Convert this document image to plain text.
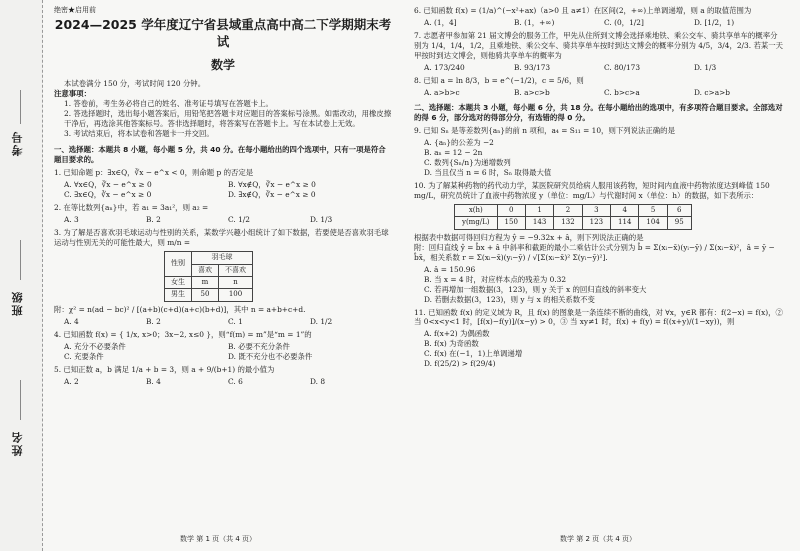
考号
班级
姓名
绝密★启用前
2024—2025 学年度辽宁省县域重点高中高二下学期期末考试
数学

本试卷满分 150 分，考试时间 120 分钟。

注意事项：

1. 答卷前，考生务必将自己的姓名、准考证号填写在答题卡上。

2. 答选择题时，选出每小题答案后，用铅笔把答题卡对应题目的答案标号涂黑。如需改动，用橡皮擦干净后，再选涂其他答案标号。答非选择题时，将答案写在答题卡上。写在本试卷上无效。

3. 考试结束后，将本试卷和答题卡一并交回。

一、选择题：本题共 8 小题，每小题 5 分，共 40 分。在每小题给出的四个选项中，只有一项是符合题目要求的。

1. 已知命题 p：∃x∈Q，∛x − e^x < 0，则命题 p 的否定是

A. ∀x∈Q，∛x − e^x ≥ 0	B. ∀x∉Q，∛x − e^x ≥ 0
C. ∃x∈Q，∛x − e^x ≥ 0	D. ∃x∉Q，∛x − e^x ≥ 0

2. 在等比数列{aₙ}中，若 a₁ = 3a₁²，则 a₂ =

A. 3	B. 2	C. 1/2	D. 1/3

3. 为了解是否喜欢羽毛球运动与性别的关系，某数学兴趣小组统计了如下数据，若要使是否喜欢羽毛球运动与性别无关的可能性最大，则 m/n =

性别	羽毛球	
	喜欢	不喜欢
女生	m	n
男生	50	100

附：χ² = n(ad − bc)² / [(a+b)(c+d)(a+c)(b+d)]，其中 n = a+b+c+d.

A. 4	B. 2	C. 1	D. 1/2

4. 已知函数 f(x) = { 1/x, x>0；3x−2, x≤0 }，则“f(m) = m”是“m = 1”的

A. 充分不必要条件	B. 必要不充分条件
C. 充要条件	D. 既不充分也不必要条件

5. 已知正数 a，b 满足 1/a + b = 3，则 a + 9/(b+1) 的最小值为

A. 2	B. 4	C. 6	D. 8

6. 已知函数 f(x) = (1/a)^(−x²+ax)（a>0 且 a≠1）在区间(2，+∞)上单调递增，则 a 的取值范围为

A. (1，4]	B. (1，+∞)	C. (0，1/2]	D. [1/2，1)

7. 志愿者甲参加第 21 届文博会的服务工作，甲先从住所到文博会选择乘地铁、乘公交车、骑共享单车的概率分别为 1/4，1/4，1/2，且乘地铁、乘公交车、骑共享单车按时到达文博会的概率分别为 4/5，3/4，2/3. 若某一天甲按时到达文博会，则他骑共享单车的概率为

A. 173/240	B. 93/173	C. 80/173	D. 1/3

8. 已知 a = ln 8/3，b = e^(−1/2)，c = 5/6，则

A. a>b>c	B. a>c>b	C. b>c>a	D. c>a>b

二、选择题：本题共 3 小题，每小题 6 分，共 18 分。在每小题给出的选项中，有多项符合题目要求。全部选对的得 6 分，部分选对的得部分分，有选错的得 0 分。

9. 已知 Sₙ 是等差数列{aₙ}的前 n 项和，a₄ = S₁₁ = 10，则下列说法正确的是

A. {aₙ}的公差为 −2
B. aₙ = 12 − 2n
C. 数列{Sₙ/n}为递增数列
D. 当且仅当 n = 6 时，Sₙ 取得最大值

10. 为了解某种药物的药代动力学，某医院研究员给病人服用该药物，短时间内血液中药物浓度达到峰值 150 mg/L，研究员统计了血液中药物浓度 y（单位：mg/L）与代谢时间 x（单位：h）的数据，如下表所示：

x(h)	0	1	2	3	4	5	6
y(mg/L)	150	143	132	123	114	104	95

根据表中数据可得回归方程为 ŷ = −9.32x + â，则下列说法正确的是

附：回归直线 ŷ = b̂x + â 中斜率和截距的最小二乘估计公式分别为 b̂ = Σ(xᵢ−x̄)(yᵢ−ȳ) / Σ(xᵢ−x̄)²，â = ȳ − b̂x̄，相关系数 r = Σ(xᵢ−x̄)(yᵢ−ȳ) / √[Σ(xᵢ−x̄)² Σ(yᵢ−ȳ)²].

A. â = 150.96
B. 当 x = 4 时，对应样本点的残差为 0.32
C. 若再增加一组数据(3，123)，则 y 关于 x 的回归直线的斜率变大
D. 若删去数据(3，123)，则 y 与 x 的相关系数不变

11. 已知函数 f(x) 的定义域为 R，且 f(x) 的图象是一条连续不断的曲线，对 ∀x，y∈R 都有：f(2−x) = f(x)，② 当 0<x<y<1 时，[f(x)−f(y)]/(x−y) > 0，③ 当 xy≠1 时，f(x) + f(y) = f((x+y)/(1−xy))，则

A. f(x+2) 为偶函数
B. f(x) 为奇函数
C. f(x) 在(−1，1)上单调递增
D. f(25/2) > f(29/4)
数学 第 1 页（共 4 页）	数学 第 2 页（共 4 页）
